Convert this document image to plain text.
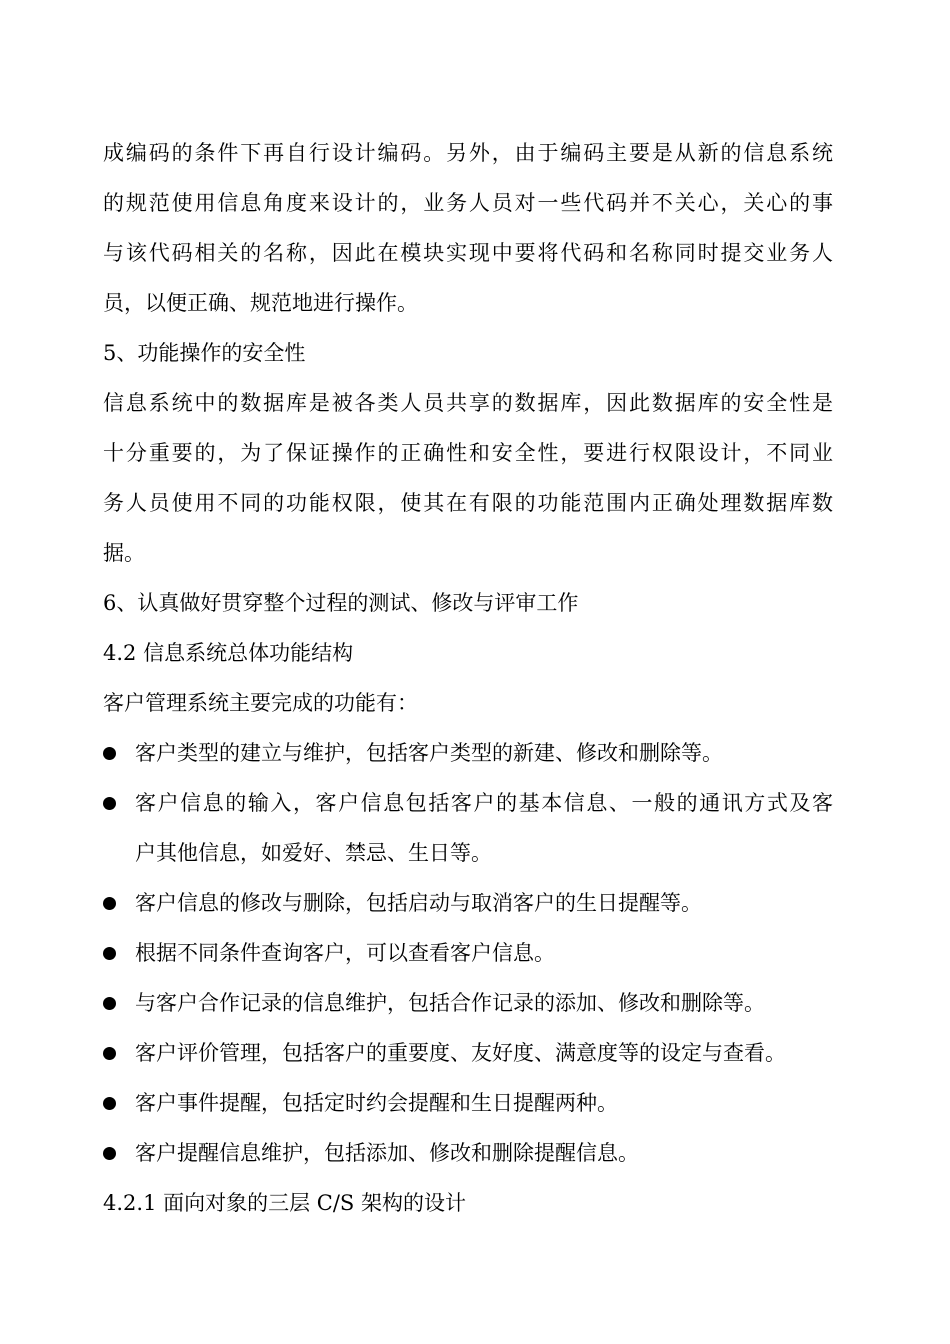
成编码的条件下再自行设计编码。另外，由于编码主要是从新的信息系统
的规范使用信息角度来设计的，业务人员对一些代码并不关心，关心的事
与该代码相关的名称，因此在模块实现中要将代码和名称同时提交业务人
员，以便正确、规范地进行操作。
5、功能操作的安全性
信息系统中的数据库是被各类人员共享的数据库，因此数据库的安全性是
十分重要的，为了保证操作的正确性和安全性，要进行权限设计，不同业
务人员使用不同的功能权限，使其在有限的功能范围内正确处理数据库数
据。
6、认真做好贯穿整个过程的测试、修改与评审工作
4.2 信息系统总体功能结构
客户管理系统主要完成的功能有：
客户类型的建立与维护，包括客户类型的新建、修改和删除等。
客户信息的输入，客户信息包括客户的基本信息、一般的通讯方式及客
户其他信息，如爱好、禁忌、生日等。
客户信息的修改与删除，包括启动与取消客户的生日提醒等。
根据不同条件查询客户，可以查看客户信息。
与客户合作记录的信息维护，包括合作记录的添加、修改和删除等。
客户评价管理，包括客户的重要度、友好度、满意度等的设定与查看。
客户事件提醒，包括定时约会提醒和生日提醒两种。
客户提醒信息维护，包括添加、修改和删除提醒信息。
4.2.1 面向对象的三层 C/S 架构的设计
